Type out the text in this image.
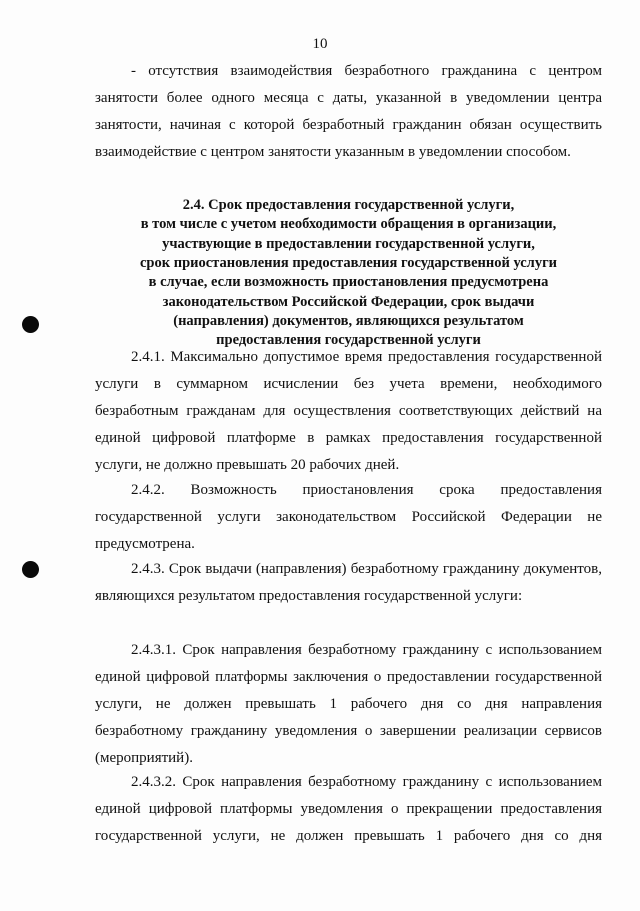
10

- отсутствия взаимодействия безработного гражданина с центром занятости более одного месяца с даты, указанной в уведомлении центра занятости, начиная с которой безработный гражданин обязан осуществить взаимодействие с центром занятости указанным в уведомлении способом.

2.4. Срок предоставления государственной услуги,

в том числе с учетом необходимости обращения в организации,

участвующие в предоставлении государственной услуги,

срок приостановления предоставления государственной услуги

в случае, если возможность приостановления предусмотрена

законодательством Российской Федерации, срок выдачи

(направления) документов, являющихся результатом

предоставления государственной услуги

2.4.1. Максимально допустимое время предоставления государственной услуги в суммарном исчислении без учета времени, необходимого безработным гражданам для осуществления соответствующих действий на единой цифровой платформе в рамках предоставления государственной услуги, не должно превышать 20 рабочих дней.

2.4.2. Возможность приостановления срока предоставления государственной услуги законодательством Российской Федерации не предусмотрена.

2.4.3. Срок выдачи (направления) безработному гражданину документов, являющихся результатом предоставления государственной услуги:

2.4.3.1. Срок направления безработному гражданину с использованием единой цифровой платформы заключения о предоставлении государственной услуги, не должен превышать 1 рабочего дня со дня направления безработному гражданину уведомления о завершении реализации сервисов (мероприятий).

2.4.3.2. Срок направления безработному гражданину с использованием единой цифровой платформы уведомления о прекращении предоставления государственной услуги, не должен превышать 1 рабочего дня со дня
